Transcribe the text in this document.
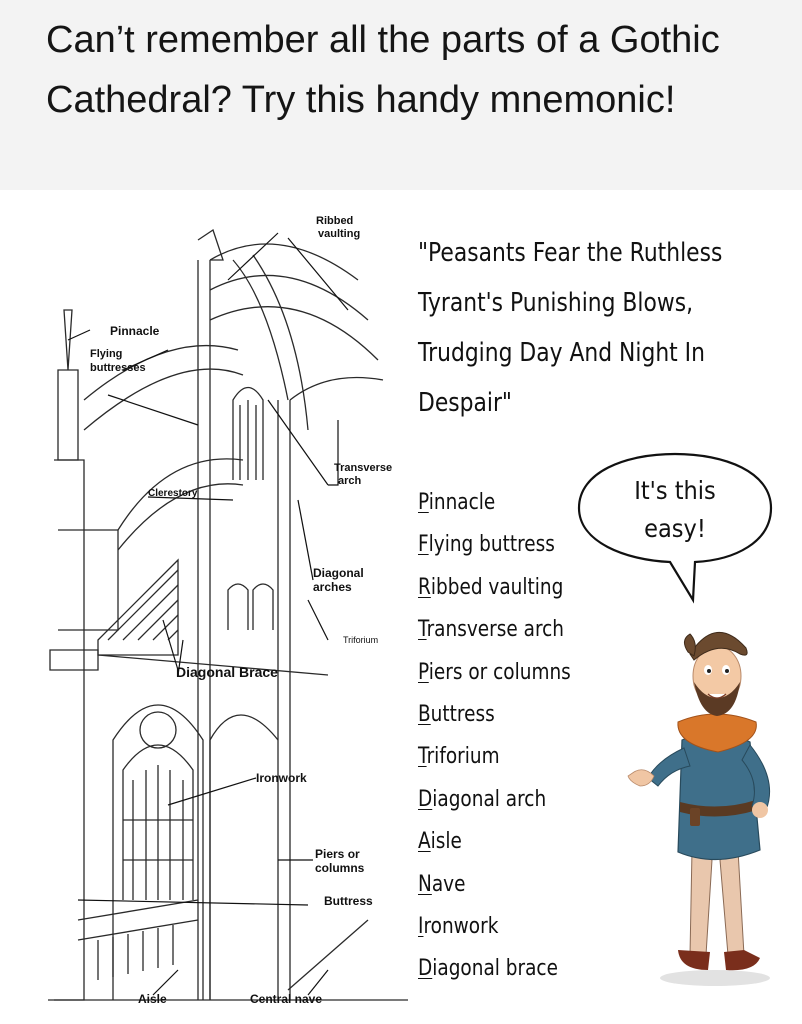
Can’t remember all the parts of a Gothic Cathedral? Try this handy mnemonic!
Ribbed vaulting
Pinnacle
Flying buttresses
Transverse arch
Clerestory
Diagonal arches
Triforium
Diagonal Brace
Ironwork
Piers or columns
Buttress
Aisle	Central nave

"Peasants Fear the Ruthless Tyrant's Punishing Blows, Trudging Day And Night In Despair"

Pinnacle
Flying buttress
Ribbed vaulting
Transverse arch
Piers or columns
Buttress
Triforium
Diagonal arch
Aisle
Nave
Ironwork
Diagonal brace
It's this
easy!
